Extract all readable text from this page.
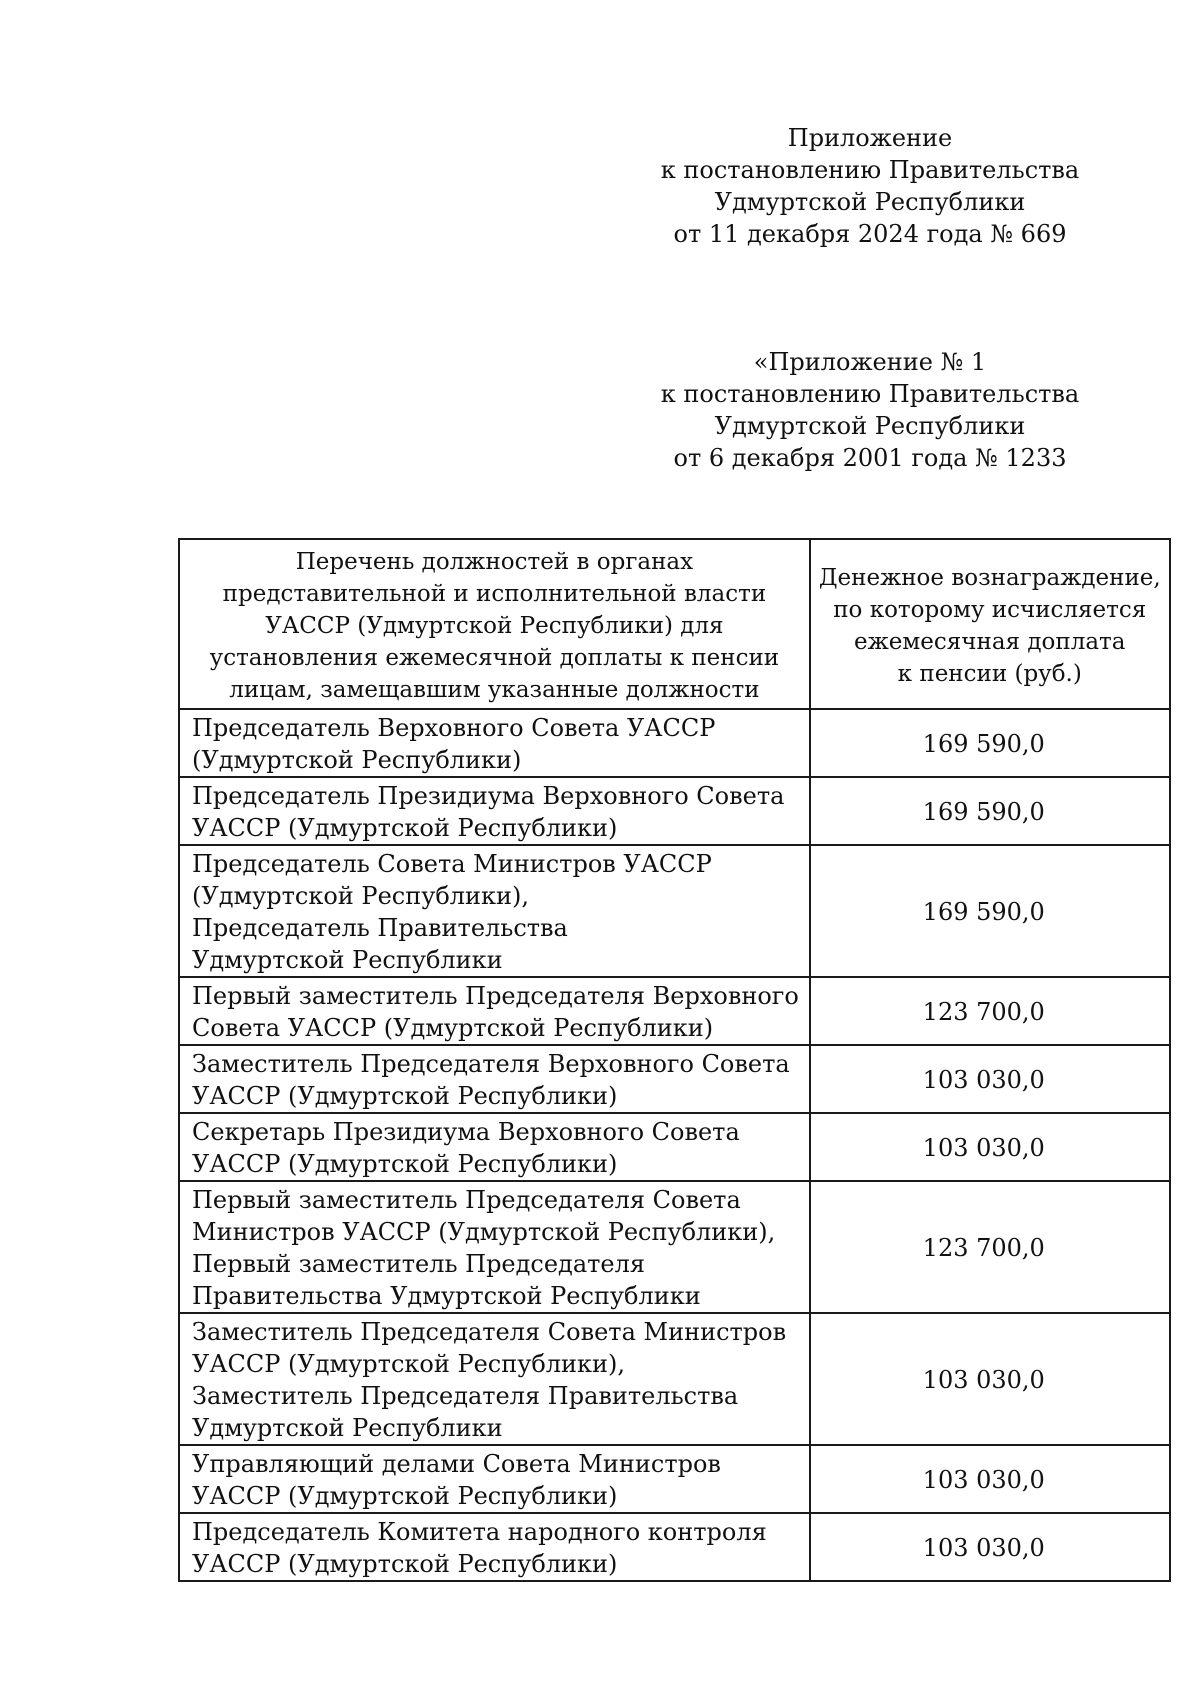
Приложение
к постановлению Правительства
Удмуртской Республики
от 11 декабря 2024 года № 669
«Приложение № 1
к постановлению Правительства
Удмуртской Республики
от 6 декабря 2001 года № 1233
Перечень должностей в органах
представительной и исполнительной власти
УАССР (Удмуртской Республики) для
установления ежемесячной доплаты к пенсии
лицам, замещавшим указанные должности	Денежное вознаграждение,
по которому исчисляется
ежемесячная доплата
к пенсии (руб.)

Председатель Верховного Совета УАССР
(Удмуртской Республики)	169 590,0

Председатель Президиума Верховного Совета
УАССР (Удмуртской Республики)	169 590,0

Председатель Совета Министров УАССР
(Удмуртской Республики),
Председатель Правительства
Удмуртской Республики	169 590,0

Первый заместитель Председателя Верховного
Совета УАССР (Удмуртской Республики)	123 700,0

Заместитель Председателя Верховного Совета
УАССР (Удмуртской Республики)	103 030,0

Секретарь Президиума Верховного Совета
УАССР (Удмуртской Республики)	103 030,0

Первый заместитель Председателя Совета
Министров УАССР (Удмуртской Республики),
Первый заместитель Председателя
Правительства Удмуртской Республики	123 700,0

Заместитель Председателя Совета Министров
УАССР (Удмуртской Республики),
Заместитель Председателя Правительства
Удмуртской Республики	103 030,0

Управляющий делами Совета Министров
УАССР (Удмуртской Республики)	103 030,0

Председатель Комитета народного контроля
УАССР (Удмуртской Республики)	103 030,0
